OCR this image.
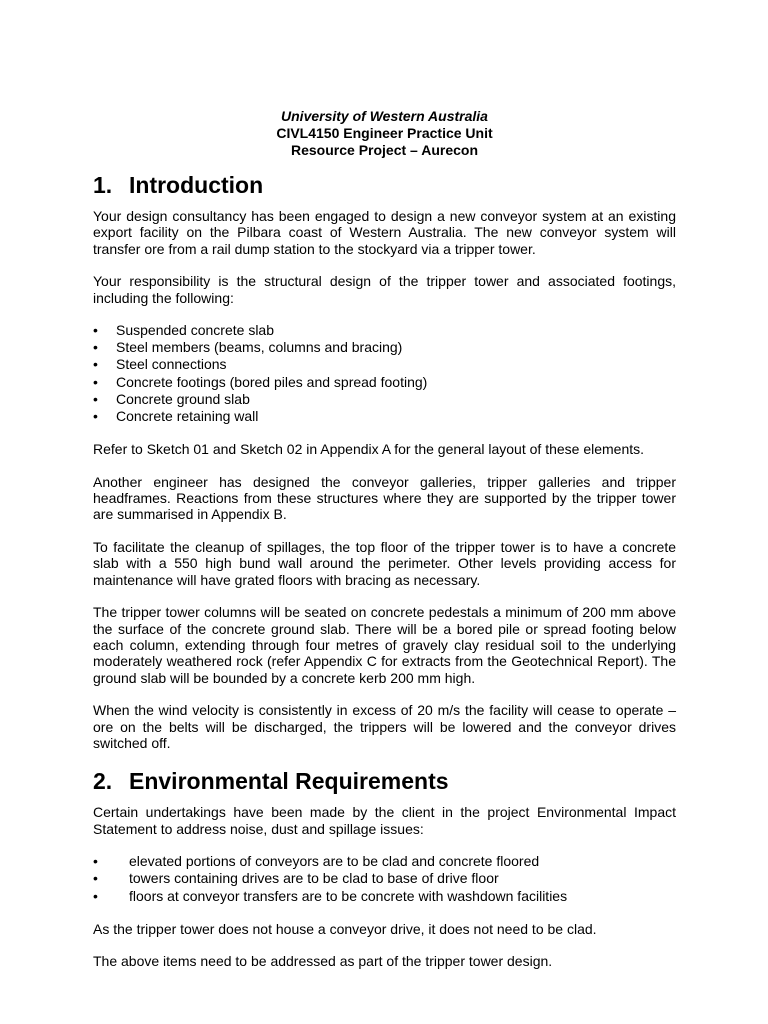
University of Western Australia
CIVL4150 Engineer Practice Unit
Resource Project – Aurecon
1. Introduction

Your design consultancy has been engaged to design a new conveyor system at an existing export facility on the Pilbara coast of Western Australia. The new conveyor system will transfer ore from a rail dump station to the stockyard via a tripper tower.

Your responsibility is the structural design of the tripper tower and associated footings, including the following:

• Suspended concrete slab
• Steel members (beams, columns and bracing)
• Steel connections
• Concrete footings (bored piles and spread footing)
• Concrete ground slab
• Concrete retaining wall

Refer to Sketch 01 and Sketch 02 in Appendix A for the general layout of these elements.

Another engineer has designed the conveyor galleries, tripper galleries and tripper headframes. Reactions from these structures where they are supported by the tripper tower are summarised in Appendix B.

To facilitate the cleanup of spillages, the top floor of the tripper tower is to have a concrete slab with a 550 high bund wall around the perimeter. Other levels providing access for maintenance will have grated floors with bracing as necessary.

The tripper tower columns will be seated on concrete pedestals a minimum of 200 mm above the surface of the concrete ground slab. There will be a bored pile or spread footing below each column, extending through four metres of gravely clay residual soil to the underlying moderately weathered rock (refer Appendix C for extracts from the Geotechnical Report). The ground slab will be bounded by a concrete kerb 200 mm high.

When the wind velocity is consistently in excess of 20 m/s the facility will cease to operate – ore on the belts will be discharged, the trippers will be lowered and the conveyor drives switched off.

2. Environmental Requirements

Certain undertakings have been made by the client in the project Environmental Impact Statement to address noise, dust and spillage issues:

• elevated portions of conveyors are to be clad and concrete floored
• towers containing drives are to be clad to base of drive floor
• floors at conveyor transfers are to be concrete with washdown facilities

As the tripper tower does not house a conveyor drive, it does not need to be clad.

The above items need to be addressed as part of the tripper tower design.
